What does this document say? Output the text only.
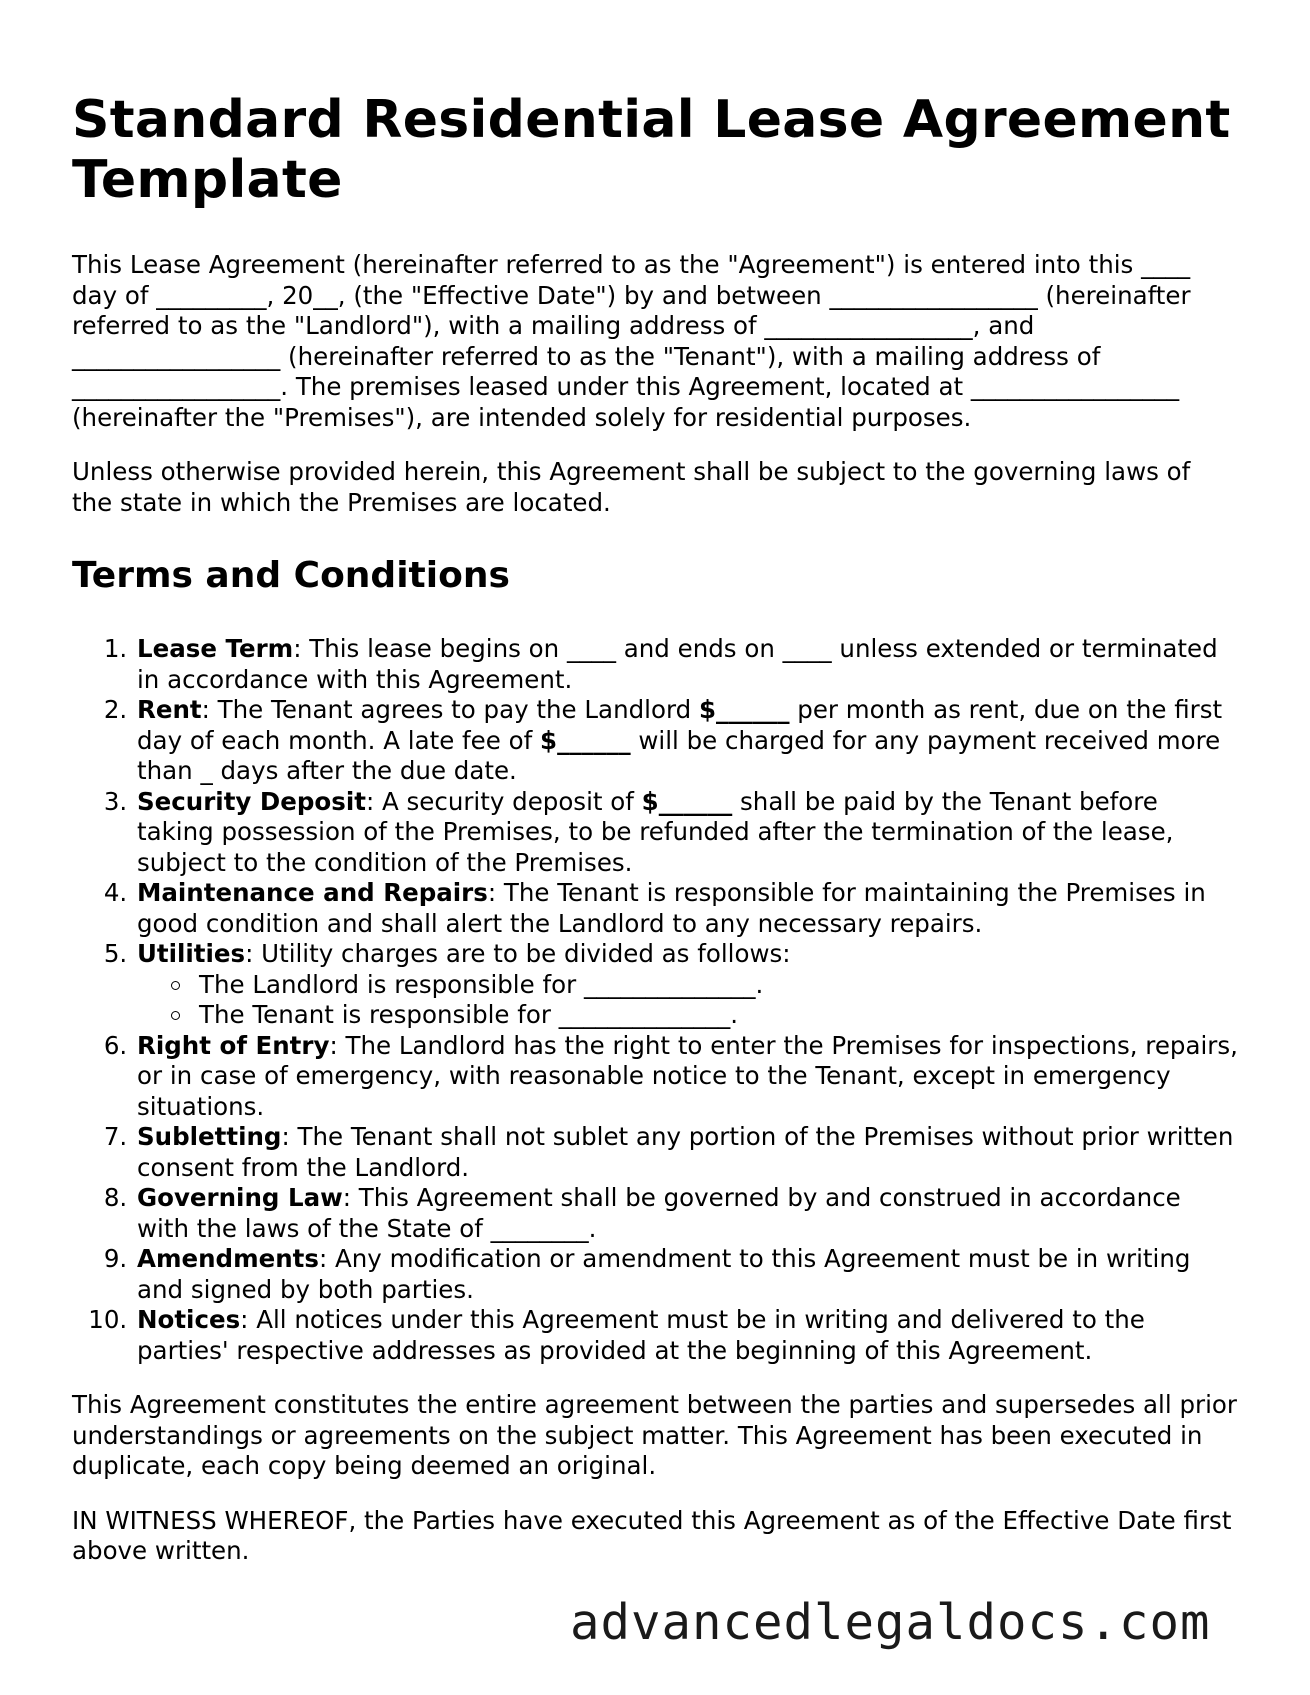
Standard Residential Lease Agreement Template

This Lease Agreement (hereinafter referred to as the "Agreement") is entered into this ____ day of _________, 20__, (the "Effective Date") by and between _________________ (hereinafter referred to as the "Landlord"), with a mailing address of _________________, and _________________ (hereinafter referred to as the "Tenant"), with a mailing address of _________________. The premises leased under this Agreement, located at _________________ (hereinafter the "Premises"), are intended solely for residential purposes.

Unless otherwise provided herein, this Agreement shall be subject to the governing laws of the state in which the Premises are located.

Terms and Conditions
1. Lease Term: This lease begins on ____ and ends on ____ unless extended or terminated in accordance with this Agreement.
2. Rent: The Tenant agrees to pay the Landlord $______ per month as rent, due on the first day of each month. A late fee of $______ will be charged for any payment received more than _ days after the due date.
3. Security Deposit: A security deposit of $______ shall be paid by the Tenant before taking possession of the Premises, to be refunded after the termination of the lease, subject to the condition of the Premises.
4. Maintenance and Repairs: The Tenant is responsible for maintaining the Premises in good condition and shall alert the Landlord to any necessary repairs.
5. Utilities: Utility charges are to be divided as follows:
The Landlord is responsible for ______________.
The Tenant is responsible for ______________.
6. Right of Entry: The Landlord has the right to enter the Premises for inspections, repairs, or in case of emergency, with reasonable notice to the Tenant, except in emergency situations.
7. Subletting: The Tenant shall not sublet any portion of the Premises without prior written consent from the Landlord.
8. Governing Law: This Agreement shall be governed by and construed in accordance with the laws of the State of ________.
9. Amendments: Any modification or amendment to this Agreement must be in writing and signed by both parties.
10. Notices: All notices under this Agreement must be in writing and delivered to the parties' respective addresses as provided at the beginning of this Agreement.

This Agreement constitutes the entire agreement between the parties and supersedes all prior understandings or agreements on the subject matter. This Agreement has been executed in duplicate, each copy being deemed an original.

IN WITNESS WHEREOF, the Parties have executed this Agreement as of the Effective Date first above written.

advancedlegaldocs.com
